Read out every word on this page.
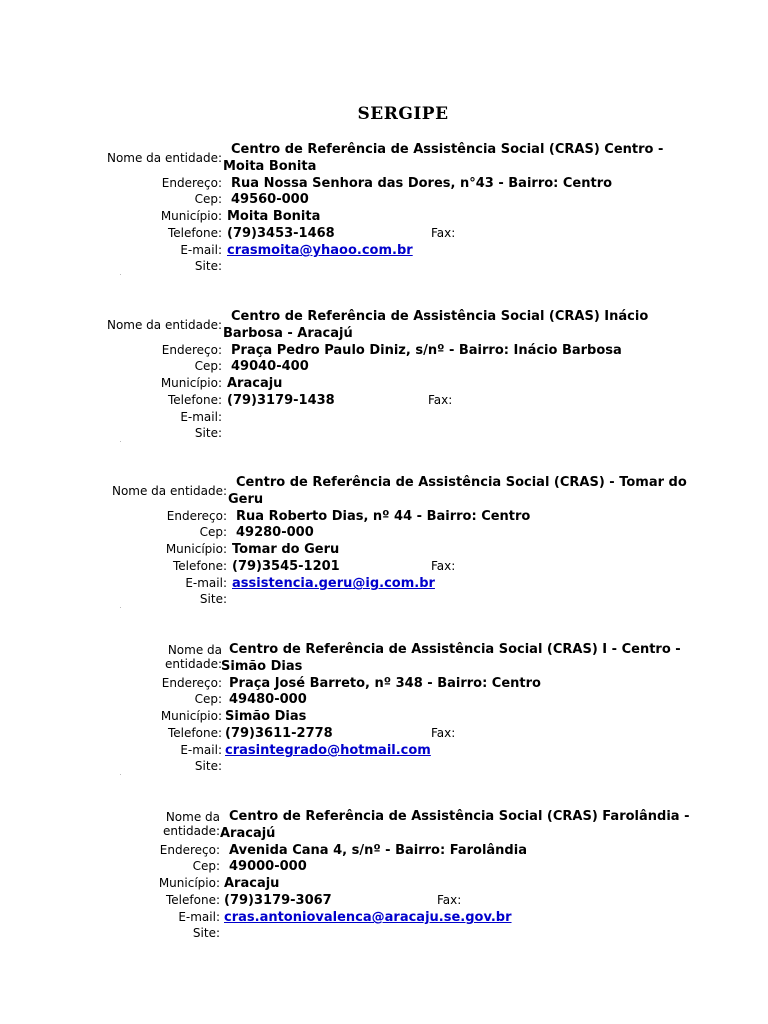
SERGIPE
Nome da entidade:
Centro de Referência de Assistência Social (CRAS) Centro -
Moita Bonita
Endereço: Rua Nossa Senhora das Dores, n°43 - Bairro: Centro
Cep: 49560-000
Município: Moita Bonita
Telefone: (79)3453-1468	Fax:
E-mail: crasmoita@yhaoo.com.br
Site:
Nome da entidade:
Centro de Referência de Assistência Social (CRAS) Inácio
Barbosa - Aracajú
Endereço: Praça Pedro Paulo Diniz, s/nº - Bairro: Inácio Barbosa
Cep: 49040-400
Município: Aracaju
Telefone: (79)3179-1438	Fax:
E-mail:
Site:
Nome da entidade:
Centro de Referência de Assistência Social (CRAS) - Tomar do
Geru
Endereço: Rua Roberto Dias, nº 44 - Bairro: Centro
Cep: 49280-000
Município: Tomar do Geru
Telefone: (79)3545-1201	Fax:
E-mail: assistencia.geru@ig.com.br
Site:
Nome da
entidade:
Centro de Referência de Assistência Social (CRAS) I - Centro -
Simão Dias
Endereço: Praça José Barreto, nº 348 - Bairro: Centro
Cep: 49480-000
Município: Simão Dias
Telefone: (79)3611-2778	Fax:
E-mail: crasintegrado@hotmail.com
Site:
Nome da
entidade:
Centro de Referência de Assistência Social (CRAS) Farolândia -
Aracajú
Endereço: Avenida Cana 4, s/nº - Bairro: Farolândia
Cep: 49000-000
Município: Aracaju
Telefone: (79)3179-3067	Fax:
E-mail: cras.antoniovalenca@aracaju.se.gov.br
Site:
